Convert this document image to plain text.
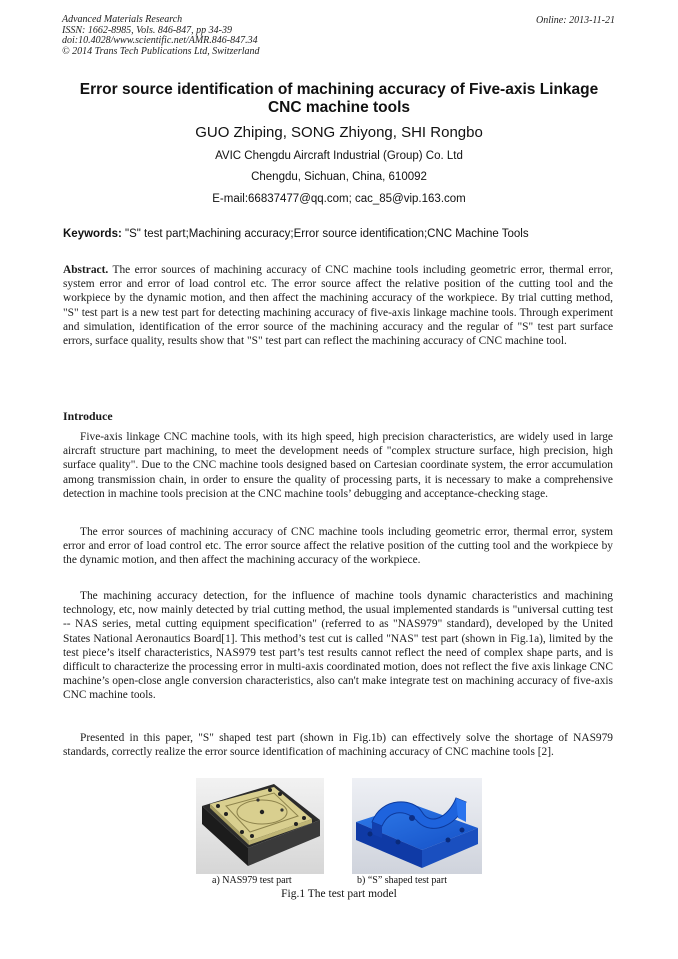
Advanced Materials Research
ISSN: 1662-8985, Vols. 846-847, pp 34-39
doi:10.4028/www.scientific.net/AMR.846-847.34
© 2014 Trans Tech Publications Ltd, Switzerland
Online: 2013-11-21
Error source identification of machining accuracy of Five-axis Linkage
CNC machine tools
GUO Zhiping, SONG Zhiyong, SHI Rongbo
AVIC Chengdu Aircraft Industrial (Group) Co. Ltd
Chengdu, Sichuan, China, 610092
E-mail:66837477@qq.com; cac_85@vip.163.com
Keywords: "S" test part;Machining accuracy;Error source identification;CNC Machine Tools
Abstract. The error sources of machining accuracy of CNC machine tools including geometric error, thermal error, system error and error of load control etc. The error source affect the relative position of the cutting tool and the workpiece by the dynamic motion, and then affect the machining accuracy of the workpiece. By trial cutting method, "S" test part is a new test part for detecting machining accuracy of five-axis linkage machine tools. Through experiment and simulation, identification of the error source of the machining accuracy and the regular of "S" test part surface errors, surface quality, results show that "S" test part can reflect the machining accuracy of CNC machine tool.
Introduce
Five-axis linkage CNC machine tools, with its high speed, high precision characteristics, are widely used in large aircraft structure part machining, to meet the development needs of "complex structure surface, high precision, high surface quality". Due to the CNC machine tools designed based on Cartesian coordinate system, the error accumulation among transmission chain, in order to ensure the quality of processing parts, it is necessary to make a comprehensive detection in machine tools precision at the CNC machine tools’ debugging and acceptance-checking stage.
The error sources of machining accuracy of CNC machine tools including geometric error, thermal error, system error and error of load control etc. The error source affect the relative position of the cutting tool and the workpiece by the dynamic motion, and then affect the machining accuracy of the workpiece.
The machining accuracy detection, for the influence of machine tools dynamic characteristics and machining technology, etc, now mainly detected by trial cutting method, the usual implemented standards is "universal cutting test -- NAS series, metal cutting equipment specification" (referred to as "NAS979" standard), developed by the United States National Aeronautics Board[1]. This method’s test cut is called "NAS" test part (shown in Fig.1a), limited by the test piece’s itself characteristics, NAS979 test part’s test results cannot reflect the need of complex shape parts, and is difficult to characterize the processing error in multi-axis coordinated motion, does not reflect the five axis linkage CNC machine’s open-close angle conversion characteristics, also can't make integrate test on machining accuracy of five-axis CNC machine tools.
Presented in this paper, "S" shaped test part (shown in Fig.1b) can effectively solve the shortage of NAS979 standards, correctly realize the error source identification of machining accuracy of CNC machine tools [2].
a) NAS979 test part	b) “S” shaped test part
Fig.1 The test part model
